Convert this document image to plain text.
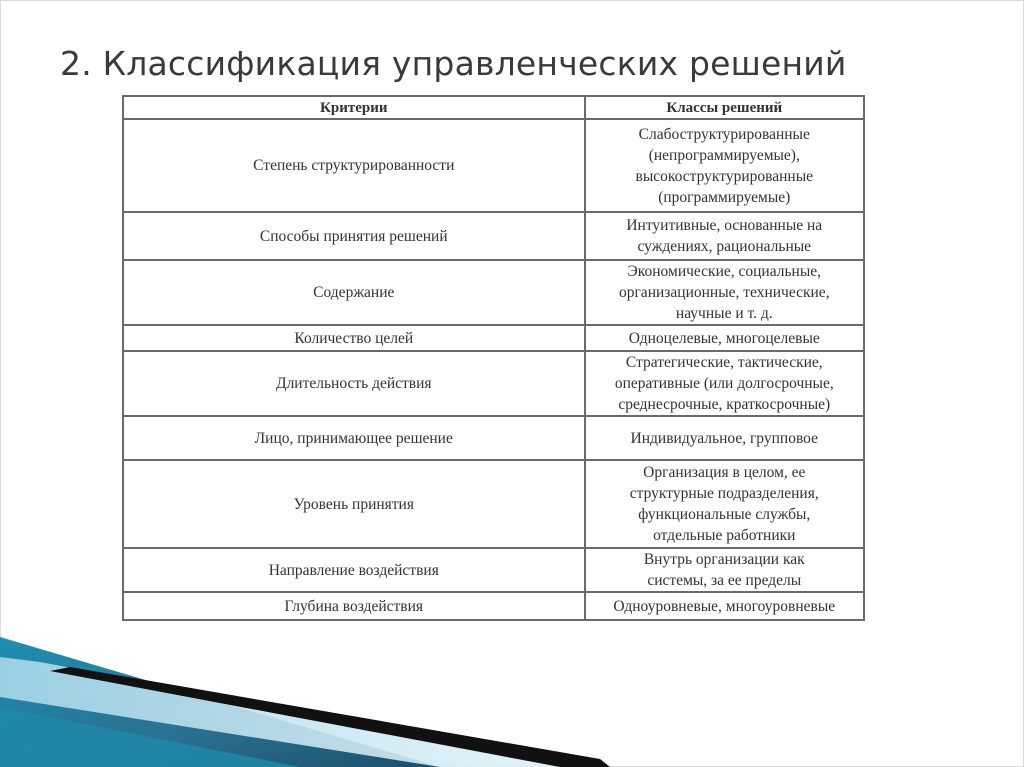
2. Классификация управленческих решений
Критерии	Классы решений
Степень структурированности	Слабоструктурированные (непрограммируемые), высокоструктурированные (программируемые)
Способы принятия решений	Интуитивные, основанные на суждениях, рациональные
Содержание	Экономические, социальные, организационные, технические, научные и т. д.
Количество целей	Одноцелевые, многоцелевые
Длительность действия	Стратегические, тактические, оперативные (или долгосрочные, среднесрочные, краткосрочные)
Лицо, принимающее решение	Индивидуальное, групповое
Уровень принятия	Организация в целом, ее структурные подразделения, функциональные службы, отдельные работники
Направление воздействия	Внутрь организации как системы, за ее пределы
Глубина воздействия	Одноуровневые, многоуровневые
